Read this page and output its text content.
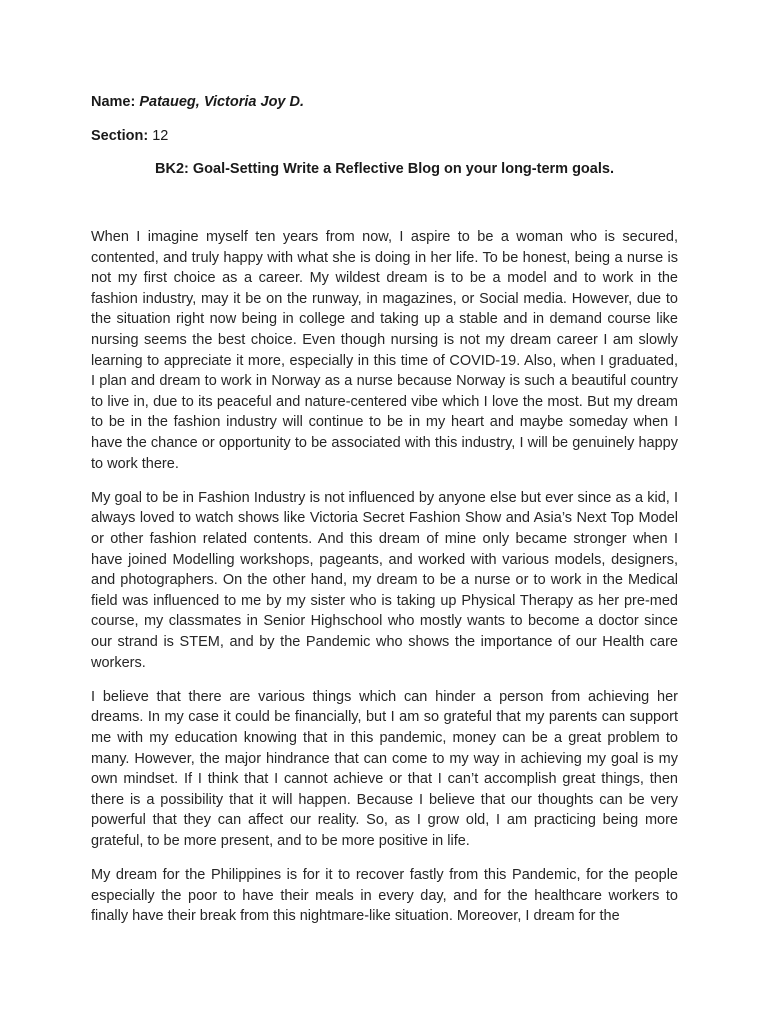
Name: Pataueg, Victoria Joy D.
Section: 12
BK2: Goal-Setting Write a Reflective Blog on your long-term goals.

When I imagine myself ten years from now, I aspire to be a woman who is secured, contented, and truly happy with what she is doing in her life. To be honest, being a nurse is not my first choice as a career. My wildest dream is to be a model and to work in the fashion industry, may it be on the runway, in magazines, or Social media. However, due to the situation right now being in college and taking up a stable and in demand course like nursing seems the best choice. Even though nursing is not my dream career I am slowly learning to appreciate it more, especially in this time of COVID-19. Also, when I graduated, I plan and dream to work in Norway as a nurse because Norway is such a beautiful country to live in, due to its peaceful and nature-centered vibe which I love the most. But my dream to be in the fashion industry will continue to be in my heart and maybe someday when I have the chance or opportunity to be associated with this industry, I will be genuinely happy to work there.

My goal to be in Fashion Industry is not influenced by anyone else but ever since as a kid, I always loved to watch shows like Victoria Secret Fashion Show and Asia’s Next Top Model or other fashion related contents. And this dream of mine only became stronger when I have joined Modelling workshops, pageants, and worked with various models, designers, and photographers. On the other hand, my dream to be a nurse or to work in the Medical field was influenced to me by my sister who is taking up Physical Therapy as her pre-med course, my classmates in Senior Highschool who mostly wants to become a doctor since our strand is STEM, and by the Pandemic who shows the importance of our Health care workers.

I believe that there are various things which can hinder a person from achieving her dreams. In my case it could be financially, but I am so grateful that my parents can support me with my education knowing that in this pandemic, money can be a great problem to many. However, the major hindrance that can come to my way in achieving my goal is my own mindset. If I think that I cannot achieve or that I can’t accomplish great things, then there is a possibility that it will happen. Because I believe that our thoughts can be very powerful that they can affect our reality. So, as I grow old, I am practicing being more grateful, to be more present, and to be more positive in life.

My dream for the Philippines is for it to recover fastly from this Pandemic, for the people especially the poor to have their meals in every day, and for the healthcare workers to finally have their break from this nightmare-like situation. Moreover, I dream for the
